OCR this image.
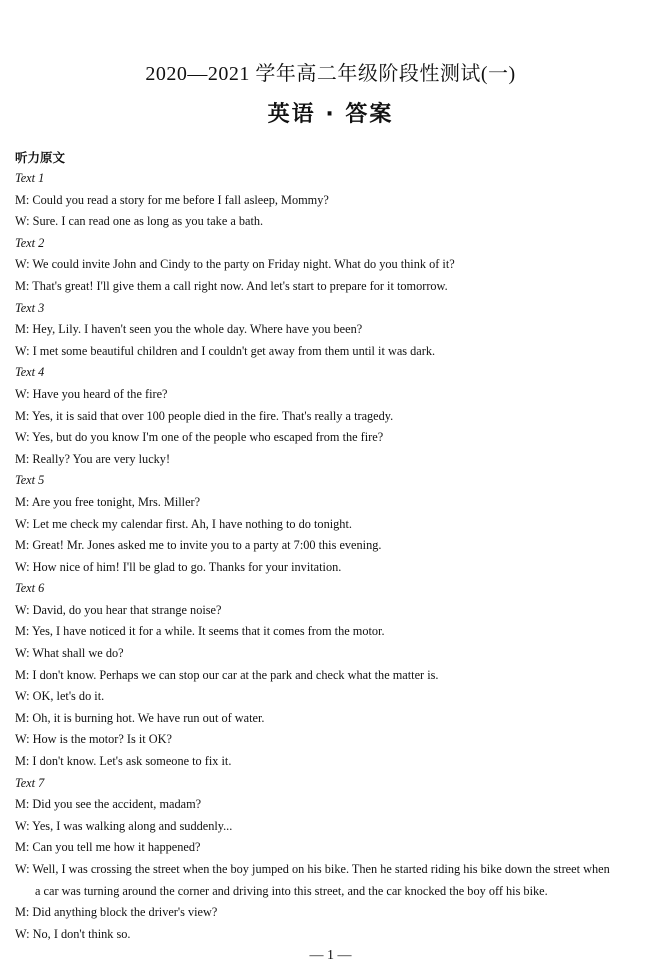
2020—2021 学年高二年级阶段性测试(一)
英语 · 答案
听力原文
Text 1
M: Could you read a story for me before I fall asleep, Mommy?
W: Sure. I can read one as long as you take a bath.
Text 2
W: We could invite John and Cindy to the party on Friday night. What do you think of it?
M: That's great! I'll give them a call right now. And let's start to prepare for it tomorrow.
Text 3
M: Hey, Lily. I haven't seen you the whole day. Where have you been?
W: I met some beautiful children and I couldn't get away from them until it was dark.
Text 4
W: Have you heard of the fire?
M: Yes, it is said that over 100 people died in the fire. That's really a tragedy.
W: Yes, but do you know I'm one of the people who escaped from the fire?
M: Really? You are very lucky!
Text 5
M: Are you free tonight, Mrs. Miller?
W: Let me check my calendar first. Ah, I have nothing to do tonight.
M: Great! Mr. Jones asked me to invite you to a party at 7:00 this evening.
W: How nice of him! I'll be glad to go. Thanks for your invitation.
Text 6
W: David, do you hear that strange noise?
M: Yes, I have noticed it for a while. It seems that it comes from the motor.
W: What shall we do?
M: I don't know. Perhaps we can stop our car at the park and check what the matter is.
W: OK, let's do it.
M: Oh, it is burning hot. We have run out of water.
W: How is the motor? Is it OK?
M: I don't know. Let's ask someone to fix it.
Text 7
M: Did you see the accident, madam?
W: Yes, I was walking along and suddenly...
M: Can you tell me how it happened?
W: Well, I was crossing the street when the boy jumped on his bike. Then he started riding his bike down the street when
a car was turning around the corner and driving into this street, and the car knocked the boy off his bike.
M: Did anything block the driver's view?
W: No, I don't think so.
— 1 —
